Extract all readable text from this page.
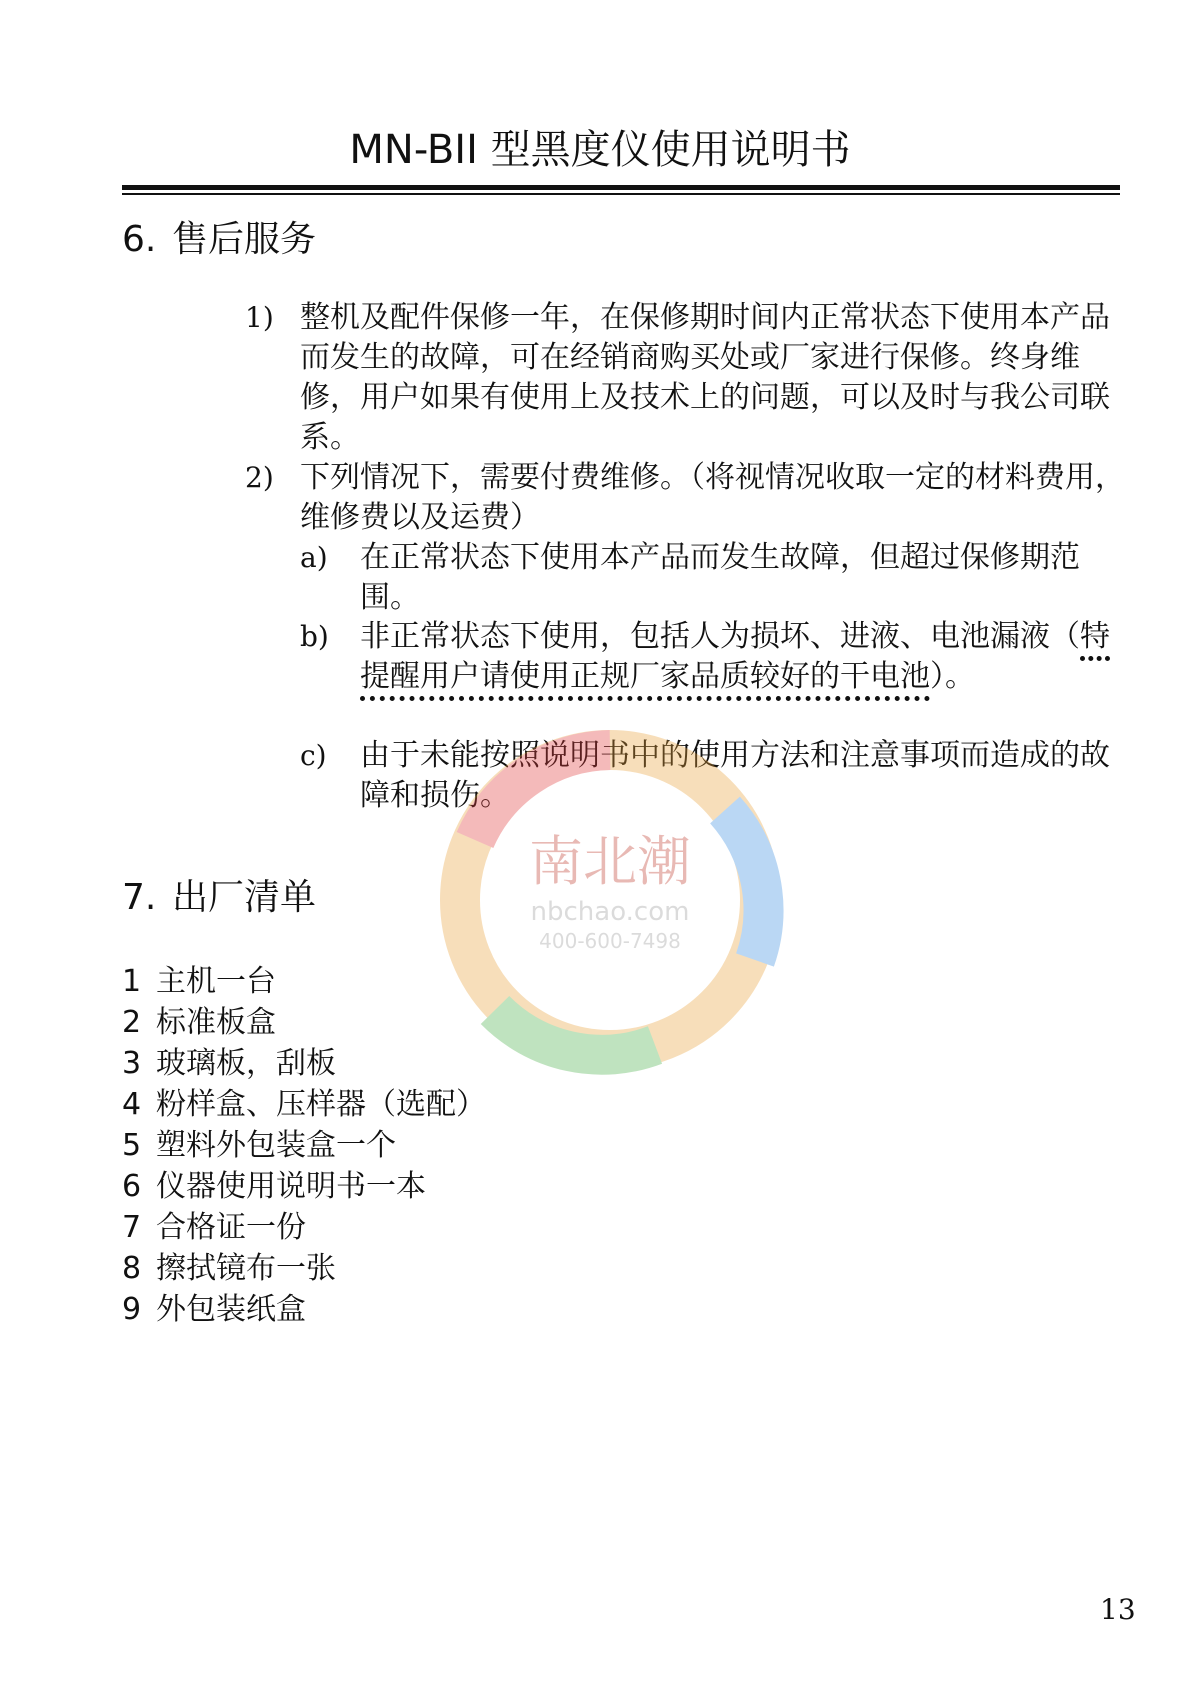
MN-BII 型黑度仪使用说明书
6. 售后服务
1) 整机及配件保修一年，在保修期时间内正常状态下使用本产品而发生的故障，可在经销商购买处或厂家进行保修。终身维修，用户如果有使用上及技术上的问题，可以及时与我公司联系。
2) 下列情况下，需要付费维修。（将视情况收取一定的材料费用，维修费以及运费）
a)	在正常状态下使用本产品而发生故障，但超过保修期范围。
b)	非正常状态下使用，包括人为损坏、进液、电池漏液（特提醒用户请使用正规厂家品质较好的干电池）。
c)	由于未能按照说明书中的使用方法和注意事项而造成的故障和损伤。
南北潮
nbchao.com
400-600-7498
7. 出厂清单
1 主机一台
2 标准板盒
3 玻璃板，刮板
4 粉样盒、压样器（选配）
5 塑料外包装盒一个
6 仪器使用说明书一本
7 合格证一份
8 擦拭镜布一张
9 外包装纸盒
13
